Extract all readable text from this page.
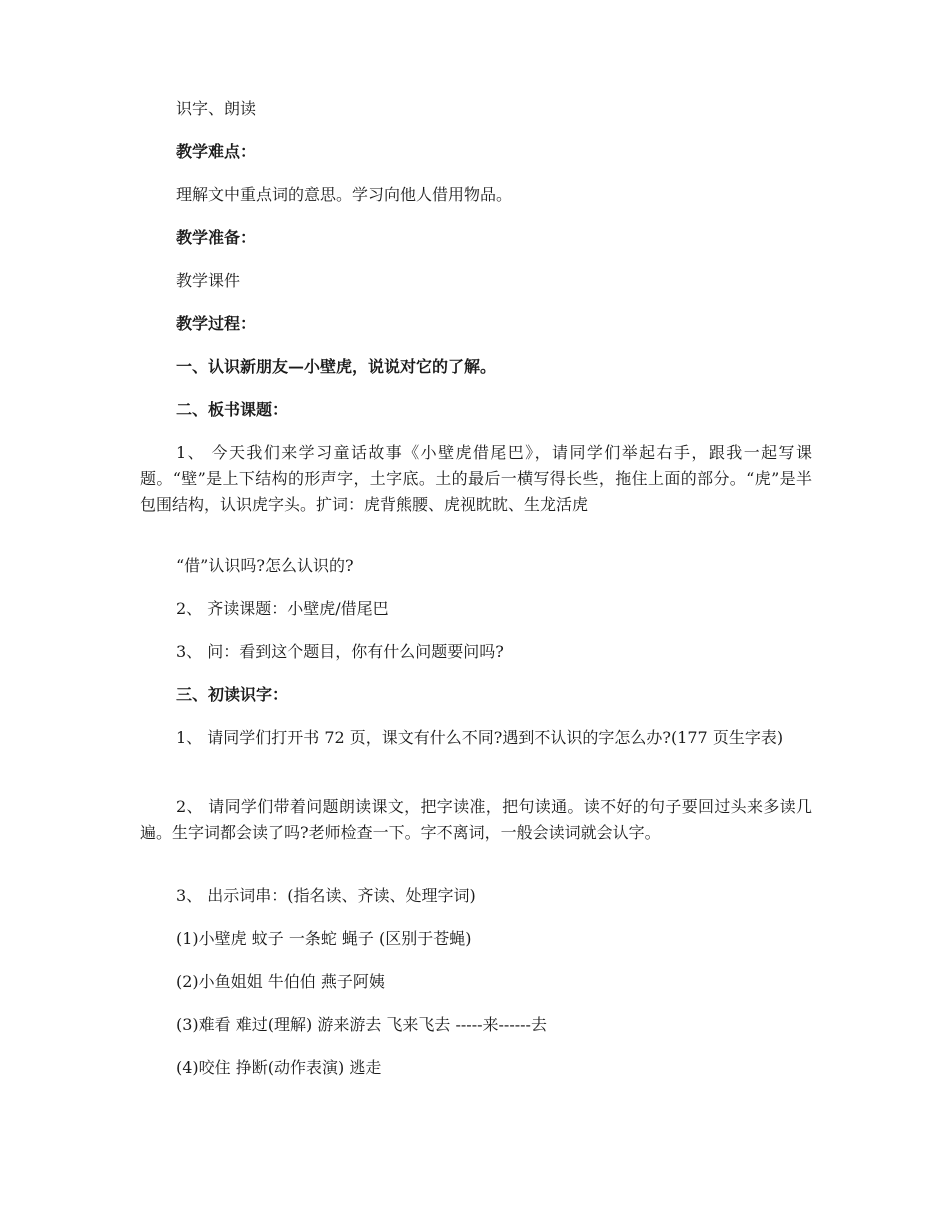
识字、朗读
教学难点：
理解文中重点词的意思。学习向他人借用物品。
教学准备：
教学课件
教学过程：
一、认识新朋友—小壁虎，说说对它的了解。
二、板书课题：
1、 今天我们来学习童话故事《小壁虎借尾巴》，请同学们举起右手，跟我一起写课题。“壁”是上下结构的形声字，土字底。土的最后一横写得长些，拖住上面的部分。“虎”是半包围结构，认识虎字头。扩词：虎背熊腰、虎视眈眈、生龙活虎
“借”认识吗?怎么认识的?
2、 齐读课题：小壁虎/借尾巴
3、 问：看到这个题目，你有什么问题要问吗?
三、初读识字：
1、 请同学们打开书 72 页，课文有什么不同?遇到不认识的字怎么办?(177 页生字表)
2、 请同学们带着问题朗读课文，把字读准，把句读通。读不好的句子要回过头来多读几遍。生字词都会读了吗?老师检查一下。字不离词，一般会读词就会认字。
3、 出示词串：(指名读、齐读、处理字词)
(1)小壁虎 蚊子 一条蛇 蝇子 (区别于苍蝇)
(2)小鱼姐姐 牛伯伯 燕子阿姨
(3)难看 难过(理解) 游来游去 飞来飞去 -----来------去
(4)咬住 挣断(动作表演) 逃走
